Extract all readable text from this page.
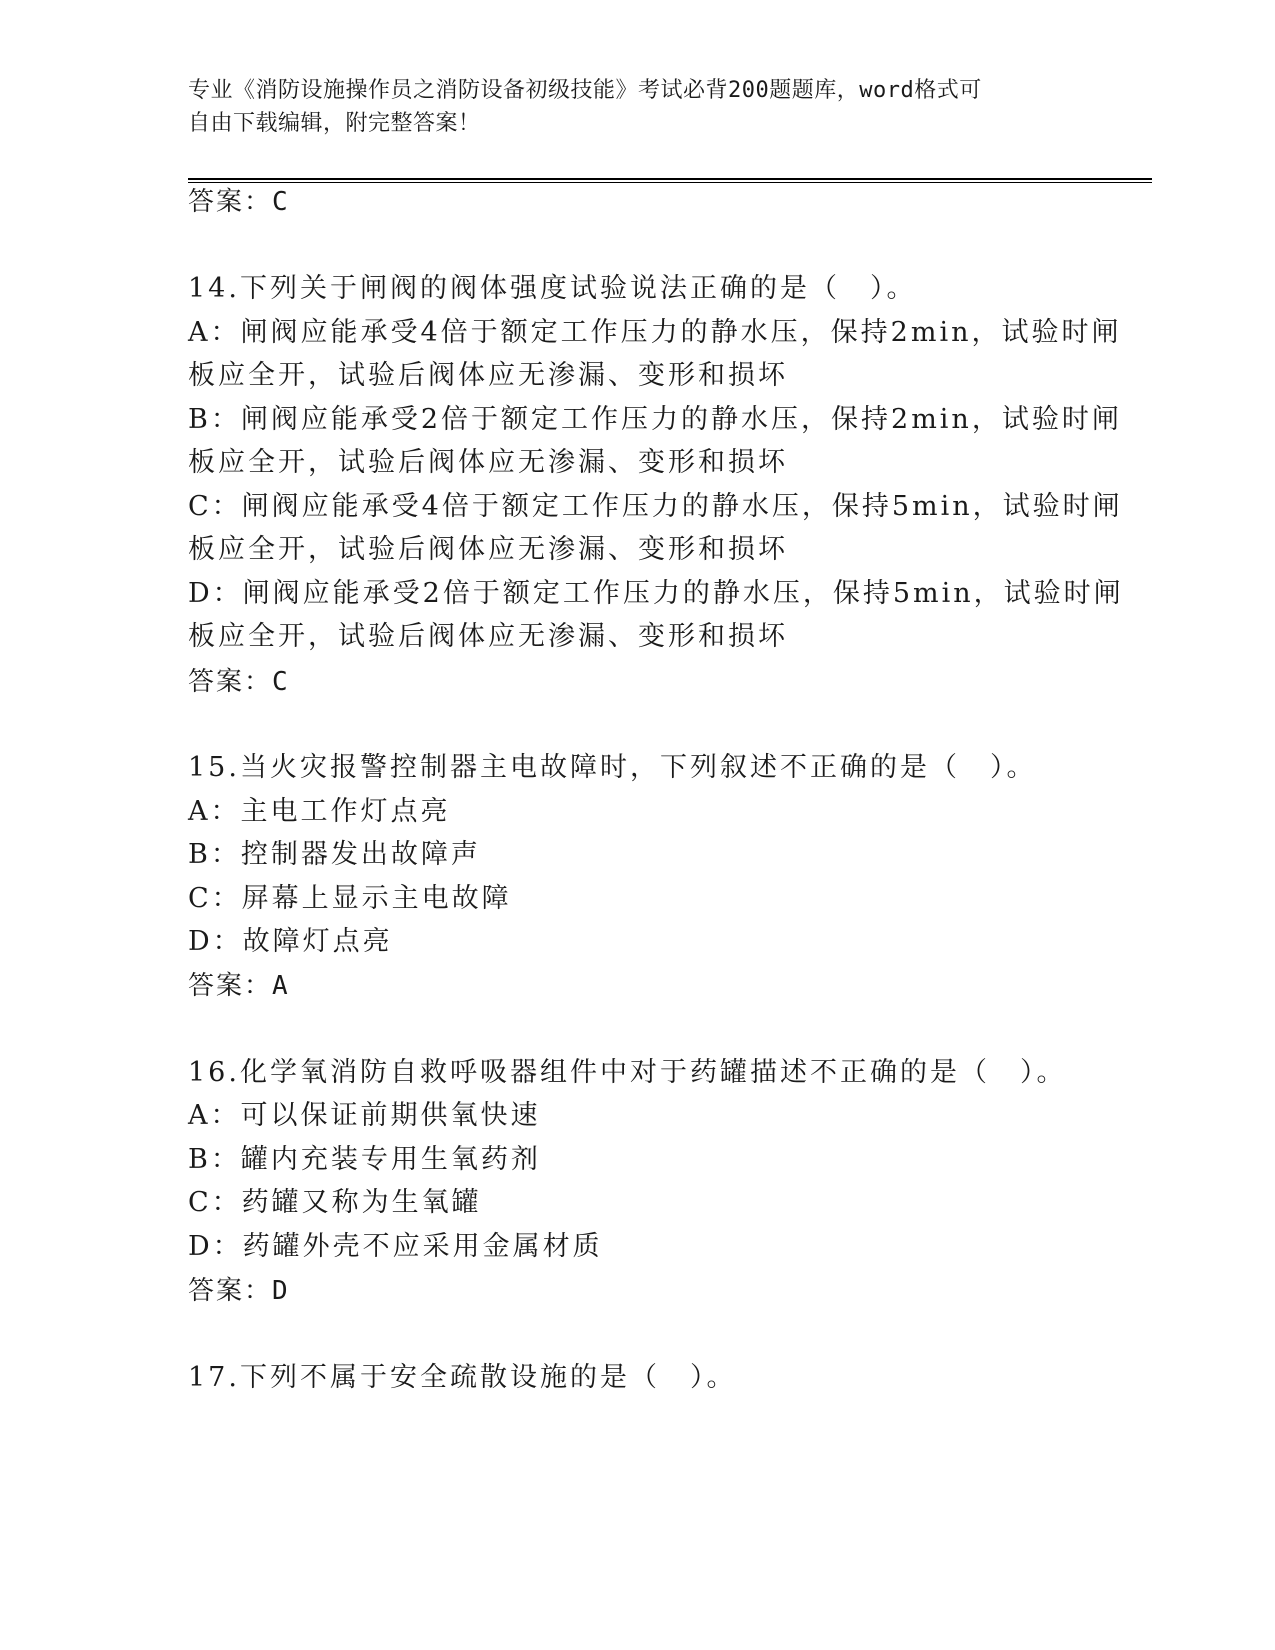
专业《消防设施操作员之消防设备初级技能》考试必背200题题库，word格式可
自由下载编辑，附完整答案！
答案：C
14.下列关于闸阀的阀体强度试验说法正确的是（　）。
A：闸阀应能承受4倍于额定工作压力的静水压，保持2min，试验时闸
板应全开，试验后阀体应无渗漏、变形和损坏
B：闸阀应能承受2倍于额定工作压力的静水压，保持2min，试验时闸
板应全开，试验后阀体应无渗漏、变形和损坏
C：闸阀应能承受4倍于额定工作压力的静水压，保持5min，试验时闸
板应全开，试验后阀体应无渗漏、变形和损坏
D：闸阀应能承受2倍于额定工作压力的静水压，保持5min，试验时闸
板应全开，试验后阀体应无渗漏、变形和损坏
答案：C
15.当火灾报警控制器主电故障时，下列叙述不正确的是（　）。
A：主电工作灯点亮
B：控制器发出故障声
C：屏幕上显示主电故障
D：故障灯点亮
答案：A
16.化学氧消防自救呼吸器组件中对于药罐描述不正确的是（　）。
A：可以保证前期供氧快速
B：罐内充装专用生氧药剂
C：药罐又称为生氧罐
D：药罐外壳不应采用金属材质
答案：D
17.下列不属于安全疏散设施的是（　）。
